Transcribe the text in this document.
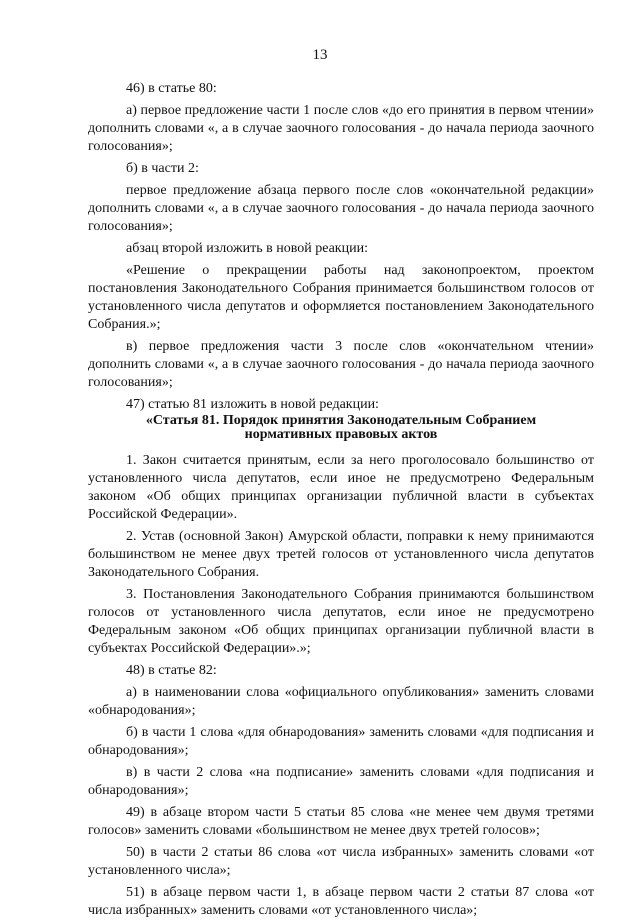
13

46) в статье 80:

а) первое предложение части 1 после слов «до его принятия в первом чтении» дополнить словами «, а в случае заочного голосования - до начала периода заочного голосования»;

б) в части 2:

первое предложение абзаца первого после слов «окончательной редакции» дополнить словами «, а в случае заочного голосования - до начала периода заочного голосования»;

абзац второй изложить в новой реакции:

«Решение о прекращении работы над законопроектом, проектом постановления Законодательного Собрания принимается большинством голосов от установленного числа депутатов и оформляется постановлением Законодательного Собрания.»;

в) первое предложения части 3 после слов «окончательном чтении» дополнить словами «, а в случае заочного голосования - до начала периода заочного голосования»;

47) статью 81 изложить в новой редакции:

«Статья 81. Порядок принятия Законодательным Собранием

нормативных правовых актов

1. Закон считается принятым, если за него проголосовало большинство от установленного числа депутатов, если иное не предусмотрено Федеральным законом «Об общих принципах организации публичной власти в субъектах Российской Федерации».

2. Устав (основной Закон) Амурской области, поправки к нему принимаются большинством не менее двух третей голосов от установленного числа депутатов Законодательного Собрания.

3. Постановления Законодательного Собрания принимаются большинством голосов от установленного числа депутатов, если иное не предусмотрено Федеральным законом «Об общих принципах организации публичной власти в субъектах Российской Федерации».»;

48) в статье 82:

а) в наименовании слова «официального опубликования» заменить словами «обнародования»;

б) в части 1 слова «для обнародования» заменить словами «для подписания и обнародования»;

в) в части 2 слова «на подписание» заменить словами «для подписания и обнародования»;

49) в абзаце втором части 5 статьи 85 слова «не менее чем двумя третями голосов» заменить словами «большинством не менее двух третей голосов»;

50) в части 2 статьи 86 слова «от числа избранных» заменить словами «от установленного числа»;

51) в абзаце первом части 1, в абзаце первом части 2 статьи 87 слова «от числа избранных» заменить словами «от установленного числа»;
